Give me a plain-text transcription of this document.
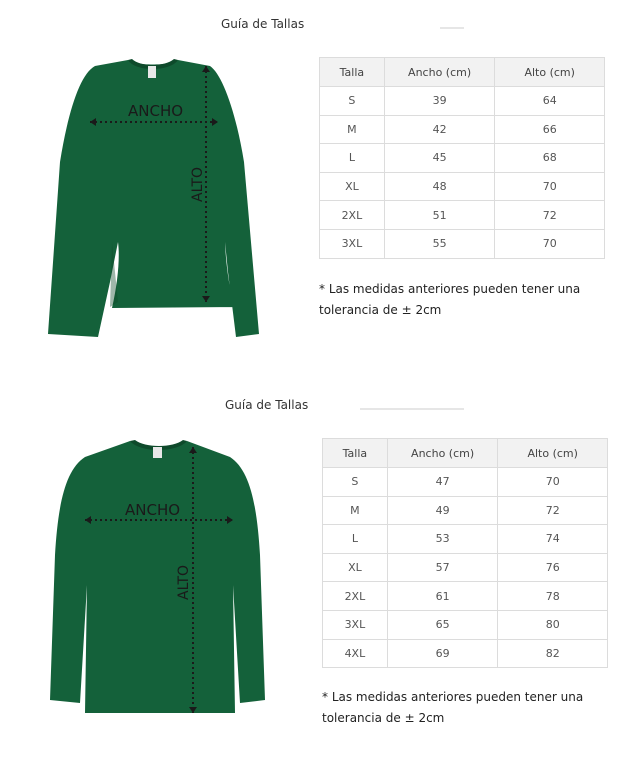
Guía de Tallas
ANCHO
ALTO
Talla	Ancho (cm)	Alto (cm)
S	39	64
M	42	66
L	45	68
XL	48	70
2XL	51	72
3XL	55	70
* Las medidas anteriores pueden tener una
tolerancia de ± 2cm
Guía de Tallas
ANCHO
ALTO
Talla	Ancho (cm)	Alto (cm)
S	47	70
M	49	72
L	53	74
XL	57	76
2XL	61	78
3XL	65	80
4XL	69	82
* Las medidas anteriores pueden tener una
tolerancia de ± 2cm
